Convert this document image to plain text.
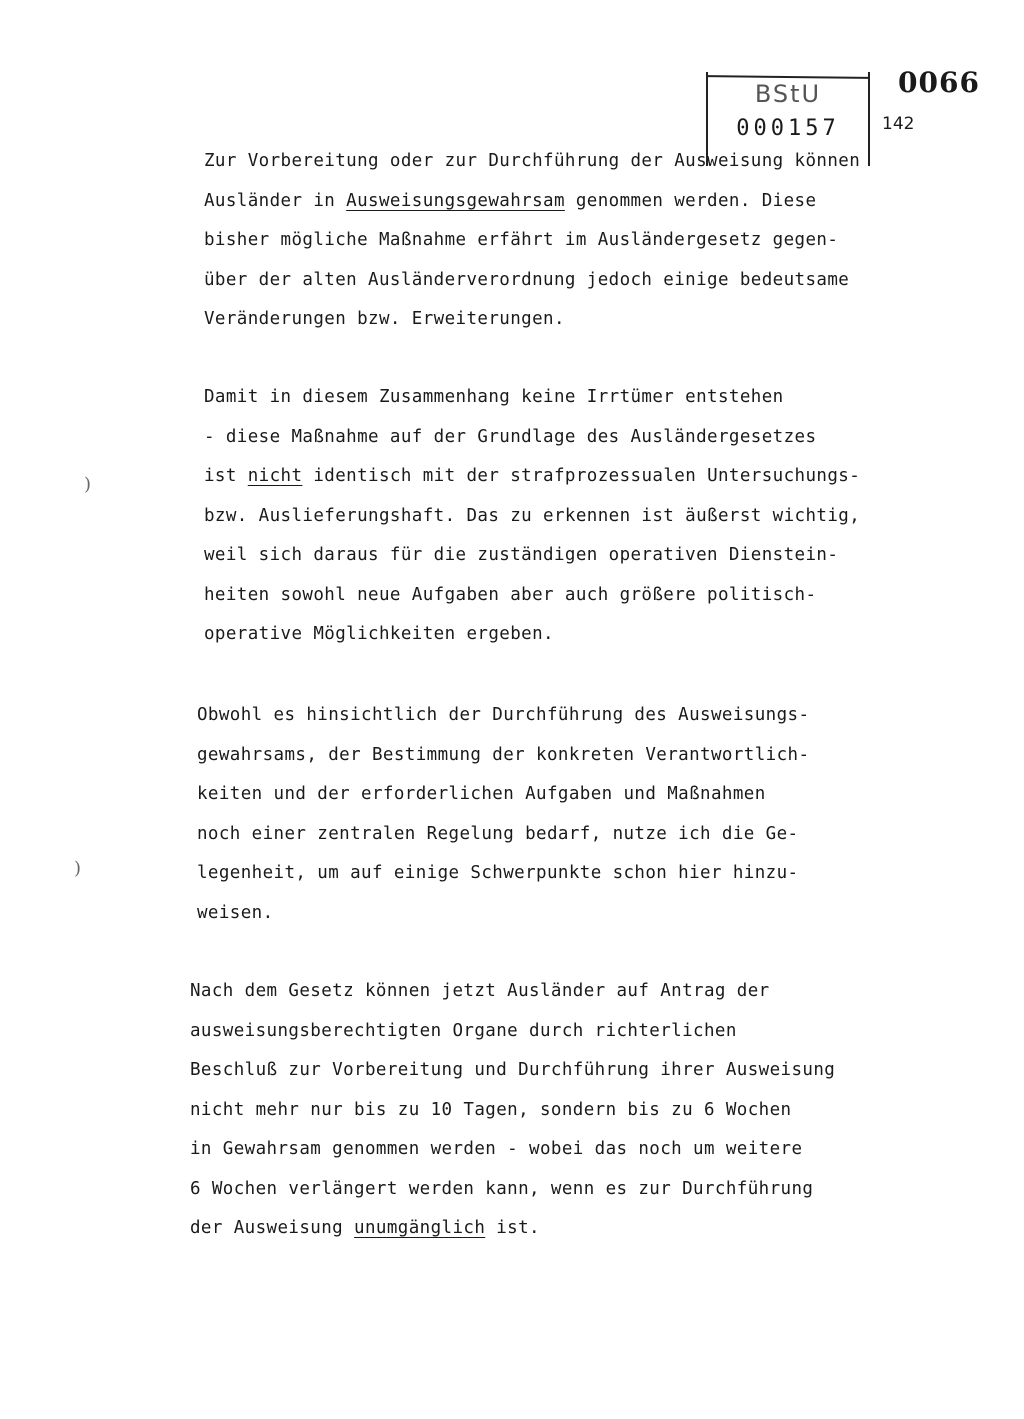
BStU
000157
0066
142
)
)
Zur Vorbereitung oder zur Durchführung der Ausweisung können
Ausländer in Ausweisungsgewahrsam genommen werden. Diese
bisher mögliche Maßnahme erfährt im Ausländergesetz gegen-
über der alten Ausländerverordnung jedoch einige bedeutsame
Veränderungen bzw. Erweiterungen.
Damit in diesem Zusammenhang keine Irrtümer entstehen
- diese Maßnahme auf der Grundlage des Ausländergesetzes
ist nicht identisch mit der strafprozessualen Untersuchungs-
bzw. Auslieferungshaft. Das zu erkennen ist äußerst wichtig,
weil sich daraus für die zuständigen operativen Dienstein-
heiten sowohl neue Aufgaben aber auch größere politisch-
operative Möglichkeiten ergeben.
Obwohl es hinsichtlich der Durchführung des Ausweisungs-
gewahrsams, der Bestimmung der konkreten Verantwortlich-
keiten und der erforderlichen Aufgaben und Maßnahmen
noch einer zentralen Regelung bedarf, nutze ich die Ge-
legenheit, um auf einige Schwerpunkte schon hier hinzu-
weisen.
Nach dem Gesetz können jetzt Ausländer auf Antrag der
ausweisungsberechtigten Organe durch richterlichen
Beschluß zur Vorbereitung und Durchführung ihrer Ausweisung
nicht mehr nur bis zu 10 Tagen, sondern bis zu 6 Wochen
in Gewahrsam genommen werden - wobei das noch um weitere
6 Wochen verlängert werden kann, wenn es zur Durchführung
der Ausweisung unumgänglich ist.
